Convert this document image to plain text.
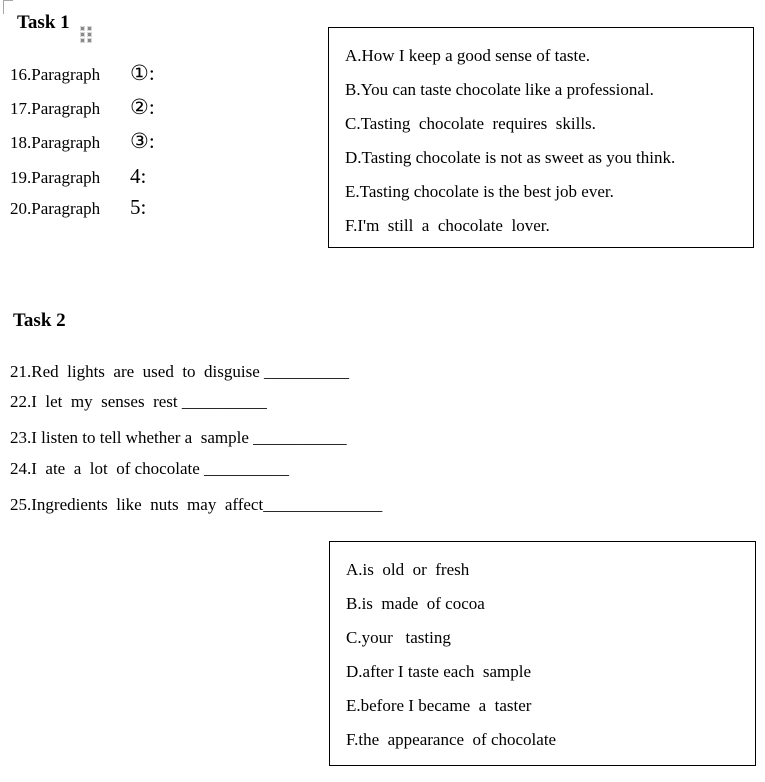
Task 1
16.Paragraph	①:
17.Paragraph	②:
18.Paragraph	③:
19.Paragraph	4:
20.Paragraph	5:
A.How I keep a good sense of taste.
B.You can taste chocolate like a professional.
C.Tasting  chocolate  requires  skills.
D.Tasting chocolate is not as sweet as you think.
E.Tasting chocolate is the best job ever.
F.I'm  still  a  chocolate  lover.
Task 2
21.Red  lights  are  used  to  disguise __________
22.I  let  my  senses  rest __________
23.I listen to tell whether a  sample ___________
24.I  ate  a  lot  of chocolate __________
25.Ingredients  like  nuts  may  affect______________
A.is  old  or  fresh
B.is  made  of cocoa
C.your   tasting
D.after I taste each  sample
E.before I became  a  taster
F.the  appearance  of chocolate
